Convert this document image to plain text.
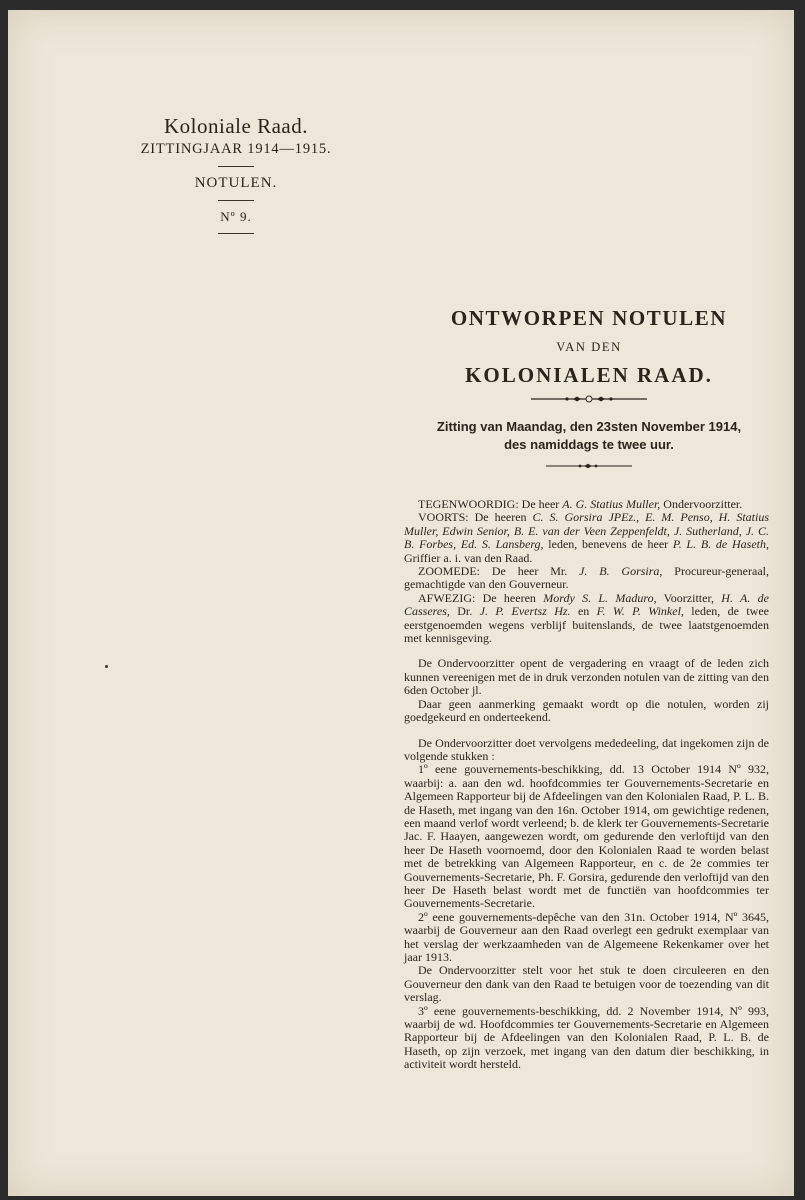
Koloniale Raad.
ZITTINGJAAR 1914—1915.
NOTULEN.
Nº 9.
ONTWORPEN NOTULEN
VAN DEN
KOLONIALEN RAAD.
Zitting van Maandag, den 23sten November 1914,
des namiddags te twee uur.

TEGENWOORDIG: De heer A. G. Statius Muller, Ondervoorzitter.

VOORTS: De heeren C. S. Gorsira JPEz., E. M. Penso, H. Statius Muller, Edwin Senior, B. E. van der Veen Zeppenfeldt, J. Sutherland, J. C. B. Forbes, Ed. S. Lansberg, leden, benevens de heer P. L. B. de Haseth, Griffier a. i. van den Raad.

ZOOMEDE: De heer Mr. J. B. Gorsira, Procureur-generaal, gemachtigde van den Gouverneur.

AFWEZIG: De heeren Mordy S. L. Maduro, Voorzitter, H. A. de Casseres, Dr. J. P. Evertsz Hz. en F. W. P. Winkel, leden, de twee eerstgenoemden wegens verblijf buitenslands, de twee laatstgenoemden met kennisgeving.

De Ondervoorzitter opent de vergadering en vraagt of de leden zich kunnen vereenigen met de in druk verzonden notulen van de zitting van den 6den October jl.

Daar geen aanmerking gemaakt wordt op die notulen, worden zij goedgekeurd en onderteekend.

De Ondervoorzitter doet vervolgens mededeeling, dat ingekomen zijn de volgende stukken :

1º eene gouvernements-beschikking, dd. 13 October 1914 Nº 932, waarbij: a. aan den wd. hoofdcommies ter Gouvernements-Secretarie en Algemeen Rapporteur bij de Afdeelingen van den Kolonialen Raad, P. L. B. de Haseth, met ingang van den 16n. October 1914, om gewichtige redenen, een maand verlof wordt verleend; b. de klerk ter Gouvernements-Secretarie Jac. F. Haayen, aangewezen wordt, om gedurende den verloftijd van den heer De Haseth voornoemd, door den Kolonialen Raad te worden belast met de betrekking van Algemeen Rapporteur, en c. de 2e commies ter Gouvernements-Secretarie, Ph. F. Gorsira, gedurende den verloftijd van den heer De Haseth belast wordt met de functiën van hoofdcommies ter Gouvernements-Secretarie.

2º eene gouvernements-depêche van den 31n. October 1914, Nº 3645, waarbij de Gouverneur aan den Raad overlegt een gedrukt exemplaar van het verslag der werkzaamheden van de Algemeene Rekenkamer over het jaar 1913.

De Ondervoorzitter stelt voor het stuk te doen circuleeren en den Gouverneur den dank van den Raad te betuigen voor de toezending van dit verslag.

3º eene gouvernements-beschikking, dd. 2 November 1914, Nº 993, waarbij de wd. Hoofdcommies ter Gouvernements-Secretarie en Algemeen Rapporteur bij de Afdeelingen van den Kolonialen Raad, P. L. B. de Haseth, op zijn verzoek, met ingang van den datum dier beschikking, in activiteit wordt hersteld.
